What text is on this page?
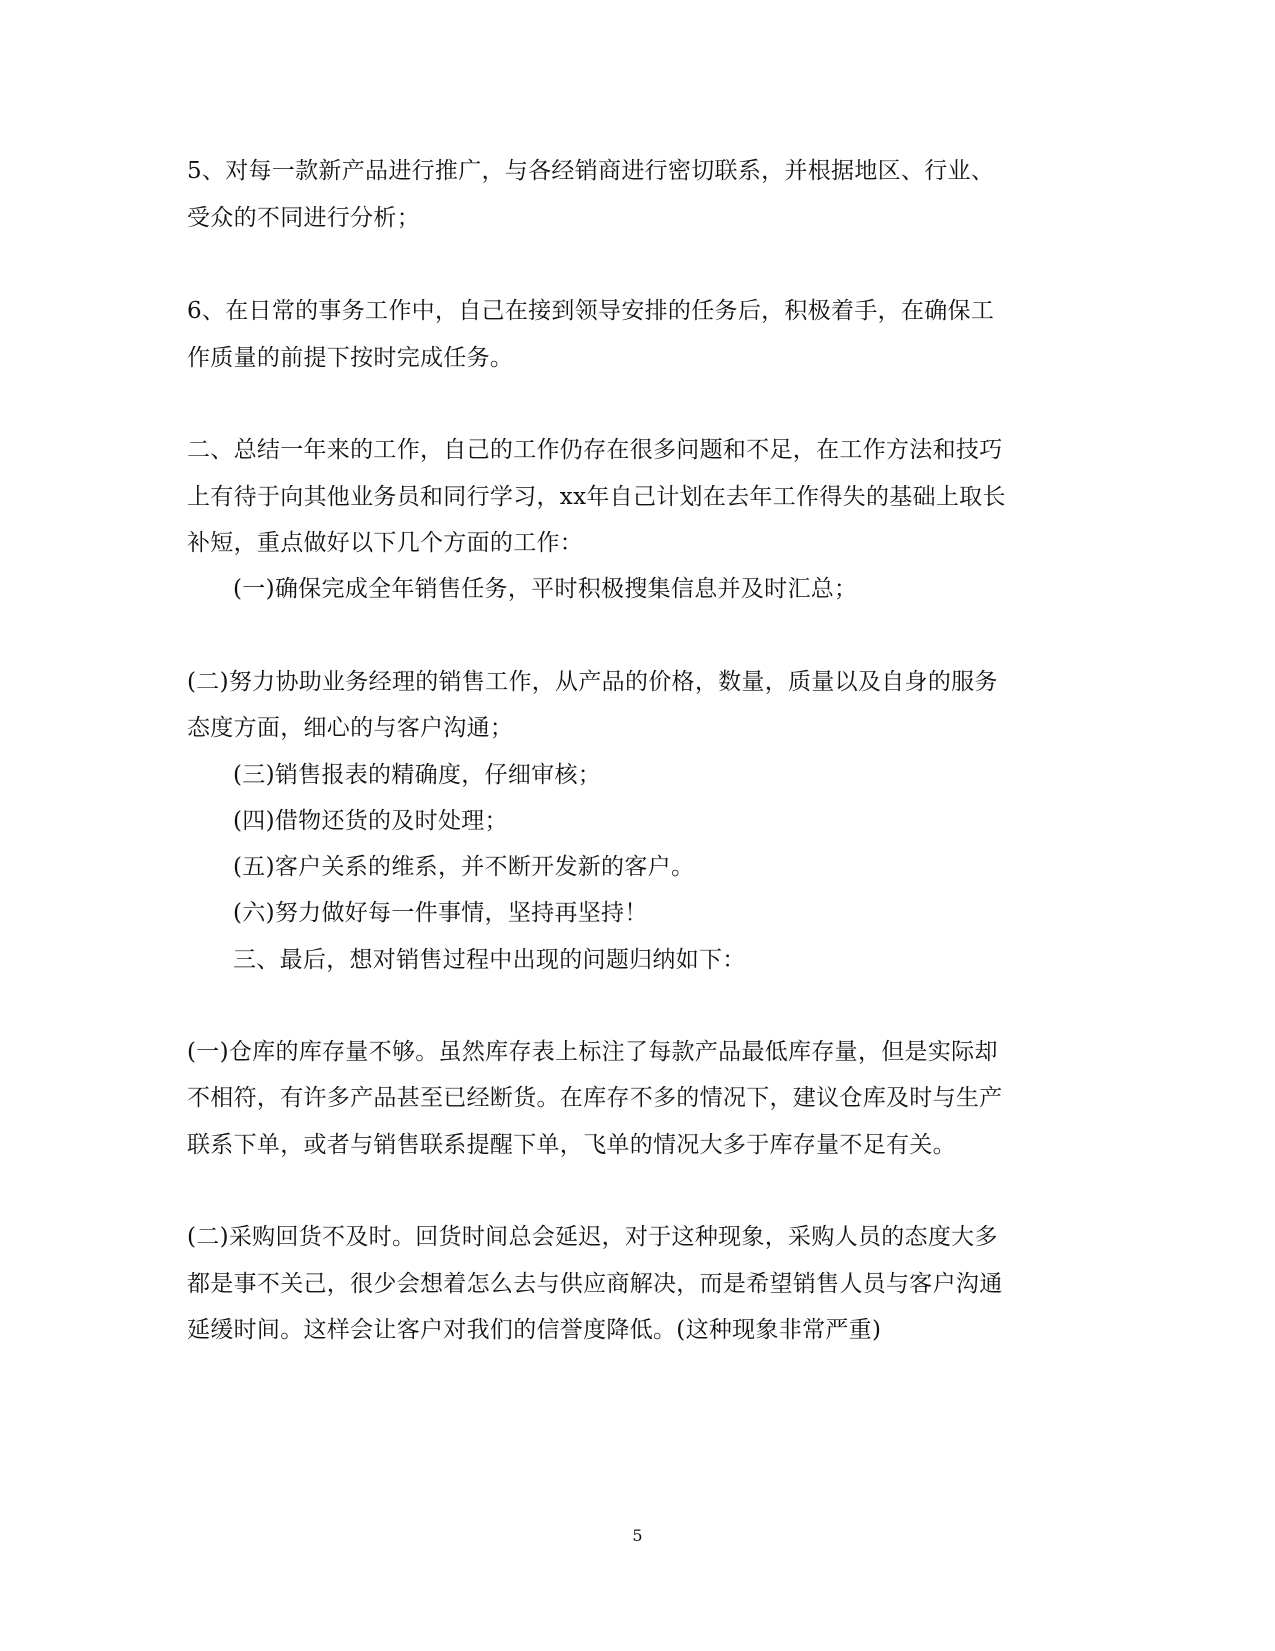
5、对每一款新产品进行推广，与各经销商进行密切联系，并根据地区、行业、
受众的不同进行分析；
6、在日常的事务工作中，自己在接到领导安排的任务后，积极着手，在确保工
作质量的前提下按时完成任务。
二、总结一年来的工作，自己的工作仍存在很多问题和不足，在工作方法和技巧
上有待于向其他业务员和同行学习，xx年自己计划在去年工作得失的基础上取长
补短，重点做好以下几个方面的工作：
(一)确保完成全年销售任务，平时积极搜集信息并及时汇总；
(二)努力协助业务经理的销售工作，从产品的价格，数量，质量以及自身的服务
态度方面，细心的与客户沟通；
(三)销售报表的精确度，仔细审核；
(四)借物还货的及时处理；
(五)客户关系的维系，并不断开发新的客户。
(六)努力做好每一件事情，坚持再坚持！
三、最后，想对销售过程中出现的问题归纳如下：
(一)仓库的库存量不够。虽然库存表上标注了每款产品最低库存量，但是实际却
不相符，有许多产品甚至已经断货。在库存不多的情况下，建议仓库及时与生产
联系下单，或者与销售联系提醒下单，飞单的情况大多于库存量不足有关。
(二)采购回货不及时。回货时间总会延迟，对于这种现象，采购人员的态度大多
都是事不关己，很少会想着怎么去与供应商解决，而是希望销售人员与客户沟通
延缓时间。这样会让客户对我们的信誉度降低。(这种现象非常严重)
5
